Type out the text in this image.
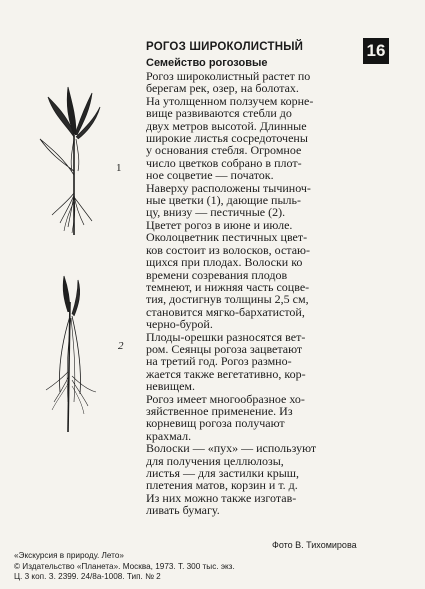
1
2
16
РОГОЗ ШИРОКОЛИСТНЫЙ
Семейство рогозовые
Рогоз широколистный растет по
берегам рек, озер, на болотах.
На утолщенном ползучем корне-
вище развиваются стебли до
двух метров высотой. Длинные
широкие листья сосредоточены
у основания стебля. Огромное
число цветков собрано в плот-
ное соцветие — початок.
Наверху расположены тычиноч-
ные цветки (1), дающие пыль-
цу, внизу — пестичные (2).
Цветет рогоз в июне и июле.
Околоцветник пестичных цвет-
ков состоит из волосков, остаю-
щихся при плодах. Волоски ко
времени созревания плодов
темнеют, и нижняя часть соцве-
тия, достигнув толщины 2,5 см,
становится мягко-бархатистой,
черно-бурой.
Плоды-орешки разносятся вет-
ром. Сеянцы рогоза зацветают
на третий год. Рогоз размно-
жается также вегетативно, кор-
невищем.
Рогоз имеет многообразное хо-
зяйственное применение. Из
корневищ рогоза получают
крахмал.
Волоски — «пух» — используют
для получения целлюлозы,
листья — для застилки крыш,
плетения матов, корзин и т. д.
Из них можно также изготав-
ливать бумагу.
Фото В. Тихомирова
«Экскурсия в природу. Лето»
© Издательство «Планета». Москва, 1973. Т. 300 тыс. экз.
Ц. 3 коп. З. 2399. 24/8а-1008. Тип. № 2
